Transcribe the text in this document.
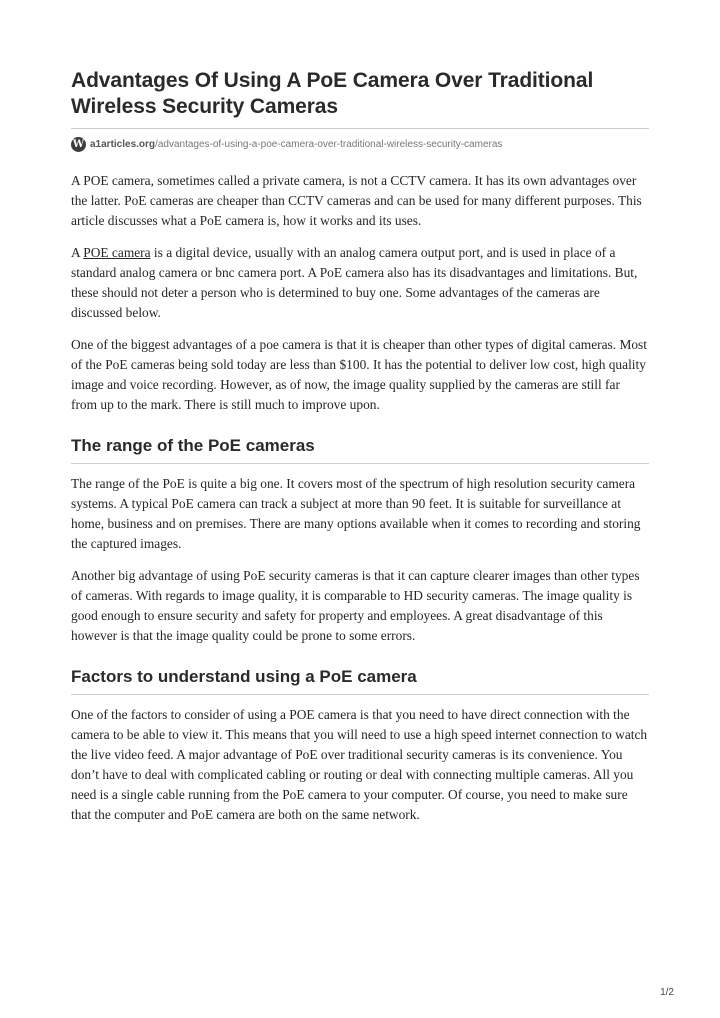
Advantages Of Using A PoE Camera Over Traditional Wireless Security Cameras
W a1articles.org /advantages-of-using-a-poe-camera-over-traditional-wireless-security-cameras

A POE camera, sometimes called a private camera, is not a CCTV camera. It has its own advantages over the latter. PoE cameras are cheaper than CCTV cameras and can be used for many different purposes. This article discusses what a PoE camera is, how it works and its uses.

A POE camera is a digital device, usually with an analog camera output port, and is used in place of a standard analog camera or bnc camera port. A PoE camera also has its disadvantages and limitations. But, these should not deter a person who is determined to buy one. Some advantages of the cameras are discussed below.

One of the biggest advantages of a poe camera is that it is cheaper than other types of digital cameras. Most of the PoE cameras being sold today are less than $100. It has the potential to deliver low cost, high quality image and voice recording. However, as of now, the image quality supplied by the cameras are still far from up to the mark. There is still much to improve upon.

The range of the PoE cameras

The range of the PoE is quite a big one. It covers most of the spectrum of high resolution security camera systems. A typical PoE camera can track a subject at more than 90 feet. It is suitable for surveillance at home, business and on premises. There are many options available when it comes to recording and storing the captured images.

Another big advantage of using PoE security cameras is that it can capture clearer images than other types of cameras. With regards to image quality, it is comparable to HD security cameras. The image quality is good enough to ensure security and safety for property and employees. A great disadvantage of this however is that the image quality could be prone to some errors.

Factors to understand using a PoE camera

One of the factors to consider of using a POE camera is that you need to have direct connection with the camera to be able to view it. This means that you will need to use a high speed internet connection to watch the live video feed. A major advantage of PoE over traditional security cameras is its convenience. You don’t have to deal with complicated cabling or routing or deal with connecting multiple cameras. All you need is a single cable running from the PoE camera to your computer. Of course, you need to make sure that the computer and PoE camera are both on the same network.

1/2
